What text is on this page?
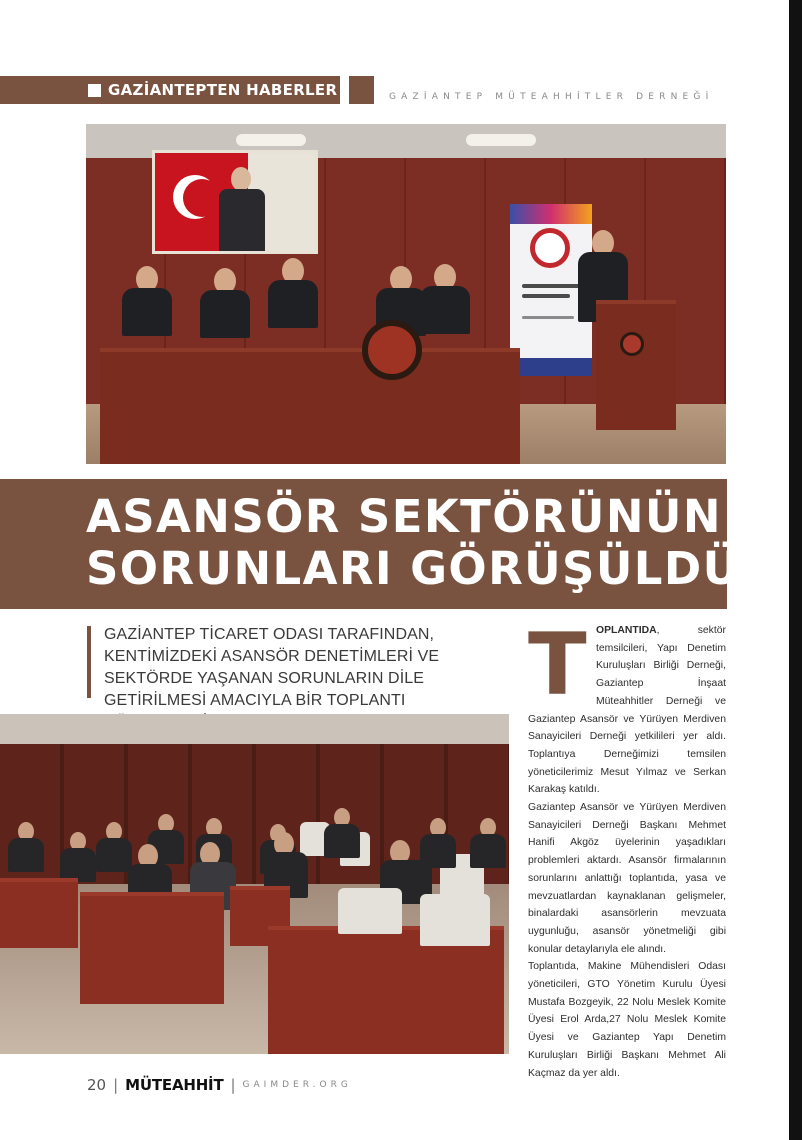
GAZİANTEPTEN HABERLER	GAZİANTEP MÜTEAHHİTLER DERNEĞİ
ASANSÖR SEKTÖRÜNÜN
SORUNLARI GÖRÜŞÜLDÜ
GAZİANTEP TİCARET ODASI TARAFINDAN, KENTİMİZDEKİ ASANSÖR DENETİMLERİ VE SEKTÖRDE YAŞANAN SORUNLARIN DİLE GETİRİLMESİ AMACIYLA BİR TOPLANTI	T OPLANTIDA, sektör temsilcileri, Yapı Denetim Kuruluşları Birliği Derneği, Gaziantep İnşaat Müteahhitler Derneği ve Gaziantep Asansör ve Yürüyen Merdiven Sanayicileri Derneği yetkilileri yer aldı. Toplantıya Derneğimizi temsilen yöneticilerimiz Mesut Yılmaz ve Serkan Karakaş katıldı.

Gaziantep Asansör ve Yürüyen Merdiven Sanayicileri Derneği Başkanı Mehmet Hanifi Akgöz üyelerinin yaşadıkları problemleri aktardı. Asansör firmalarının sorunlarını anlattığı toplantıda, yasa ve mevzuatlardan kaynaklanan gelişmeler, binalardaki asansörlerin mevzuata uygunluğu, asansör yönetmeliği gibi konular detaylarıyla ele alındı.

Toplantıda, Makine Mühendisleri Odası yöneticileri, GTO Yönetim Kurulu Üyesi Mustafa Bozgeyik, 22 Nolu Meslek Komite Üyesi Erol Arda,27 Nolu Meslek Komite Üyesi ve Gaziantep Yapı Denetim Kuruluşları Birliği Başkanı Mehmet Ali Kaçmaz da yer aldı.

20 | MÜTEAHHİT | GAIMDER.ORG
